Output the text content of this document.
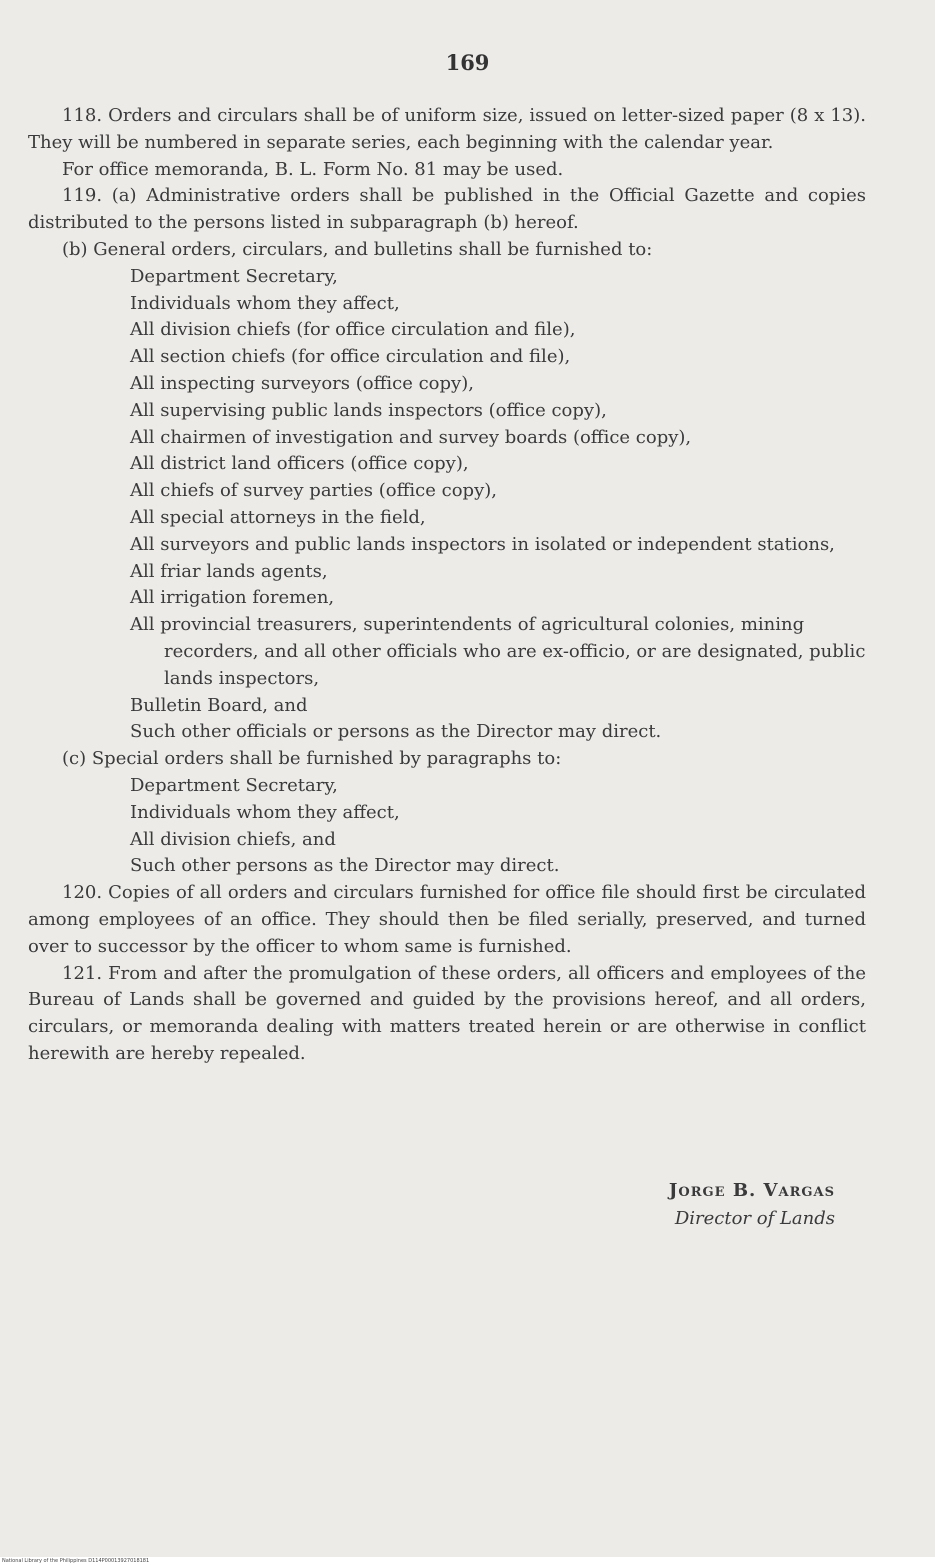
169

118. Orders and circulars shall be of uniform size, issued on letter-sized paper (8 x 13). They will be numbered in separate series, each beginning with the calendar year.

For office memoranda, B. L. Form No. 81 may be used.

119. (a) Administrative orders shall be published in the Official Gazette and copies distributed to the persons listed in subparagraph (b) hereof.

(b) General orders, circulars, and bulletins shall be furnished to:

Department Secretary,
Individuals whom they affect,
All division chiefs (for office circulation and file),
All section chiefs (for office circulation and file),
All inspecting surveyors (office copy),
All supervising public lands inspectors (office copy),
All chairmen of investigation and survey boards (office copy),
All district land officers (office copy),
All chiefs of survey parties (office copy),
All special attorneys in the field,
All surveyors and public lands inspectors in isolated or independent stations,
All friar lands agents,
All irrigation foremen,
All provincial treasurers, superintendents of agricultural colonies, mining recorders, and all other officials who are ex-officio, or are designated, public lands inspectors,
Bulletin Board, and
Such other officials or persons as the Director may direct.

(c) Special orders shall be furnished by paragraphs to:

Department Secretary,
Individuals whom they affect,
All division chiefs, and
Such other persons as the Director may direct.

120. Copies of all orders and circulars furnished for office file should first be circulated among employees of an office. They should then be filed serially, preserved, and turned over to successor by the officer to whom same is furnished.

121. From and after the promulgation of these orders, all officers and employees of the Bureau of Lands shall be governed and guided by the provisions hereof, and all orders, circulars, or memoranda dealing with matters treated herein or are otherwise in conflict herewith are hereby repealed.

Jorge B. Vargas
Director of Lands
National Library of the Philippines D114P00013927018181
